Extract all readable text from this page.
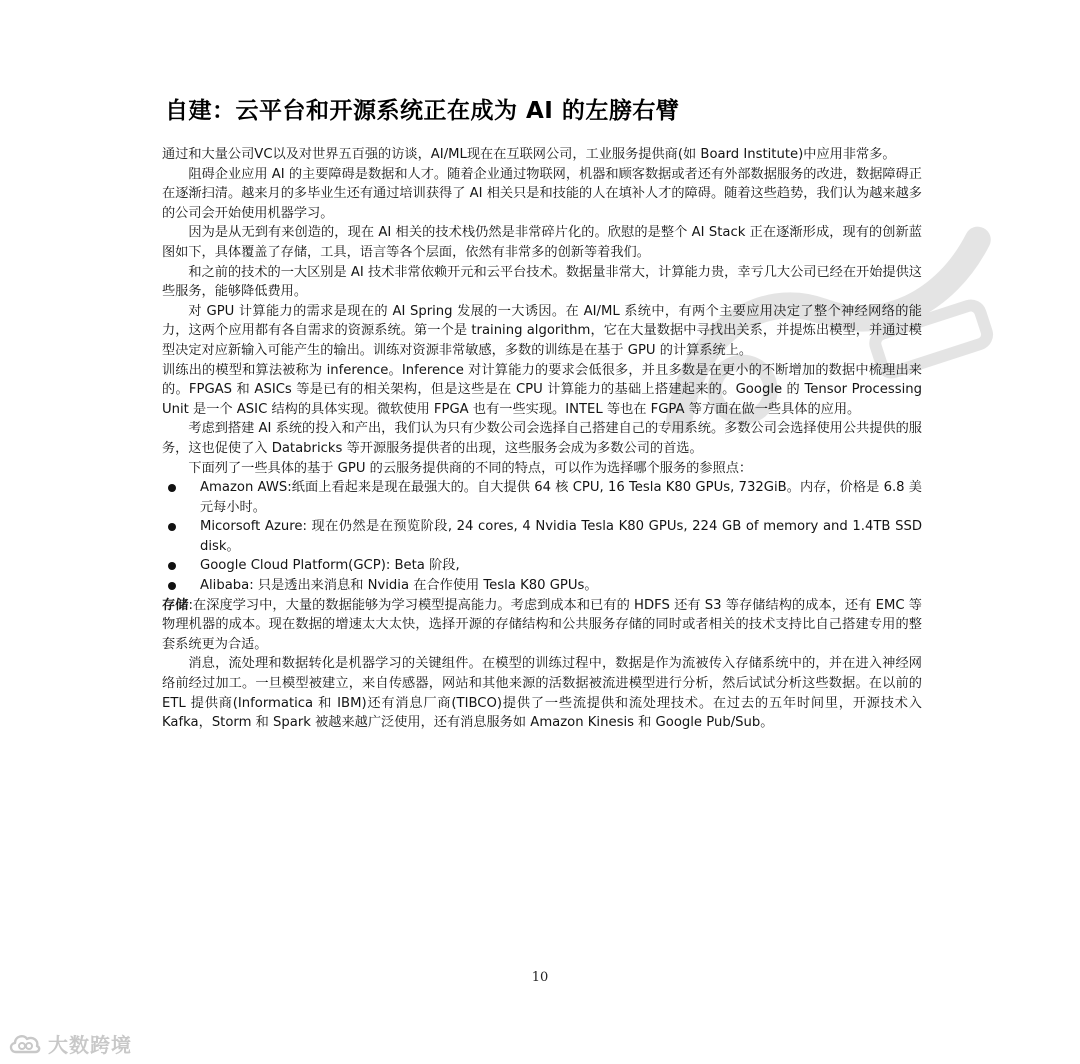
自建：云平台和开源系统正在成为 AI 的左膀右臂

通过和大量公司VC以及对世界五百强的访谈，AI/ML现在在互联网公司，工业服务提供商(如 Board Institute)中应用非常多。

阻碍企业应用 AI 的主要障碍是数据和人才。随着企业通过物联网，机器和顾客数据或者还有外部数据服务的改进，数据障碍正在逐渐扫清。越来月的多毕业生还有通过培训获得了 AI 相关只是和技能的人在填补人才的障碍。随着这些趋势，我们认为越来越多的公司会开始使用机器学习。

因为是从无到有来创造的，现在 AI 相关的技术栈仍然是非常碎片化的。欣慰的是整个 AI Stack 正在逐渐形成，现有的创新蓝图如下，具体覆盖了存储，工具，语言等各个层面，依然有非常多的创新等着我们。

和之前的技术的一大区别是 AI 技术非常依赖开元和云平台技术。数据量非常大，计算能力贵，幸亏几大公司已经在开始提供这些服务，能够降低费用。

对 GPU 计算能力的需求是现在的 AI Spring 发展的一大诱因。在 AI/ML 系统中，有两个主要应用决定了整个神经网络的能力，这两个应用都有各自需求的资源系统。第一个是 training algorithm，它在大量数据中寻找出关系，并提炼出模型，并通过模型决定对应新输入可能产生的输出。训练对资源非常敏感，多数的训练是在基于 GPU 的计算系统上。

训练出的模型和算法被称为 inference。Inference 对计算能力的要求会低很多，并且多数是在更小的不断增加的数据中梳理出来的。FPGAS 和 ASICs 等是已有的相关架构，但是这些是在 CPU 计算能力的基础上搭建起来的。Google 的 Tensor Processing Unit 是一个 ASIC 结构的具体实现。微软使用 FPGA 也有一些实现。INTEL 等也在 FGPA 等方面在做一些具体的应用。

考虑到搭建 AI 系统的投入和产出，我们认为只有少数公司会选择自己搭建自己的专用系统。多数公司会选择使用公共提供的服务，这也促使了入 Databricks 等开源服务提供者的出现，这些服务会成为多数公司的首选。

下面列了一些具体的基于 GPU 的云服务提供商的不同的特点，可以作为选择哪个服务的参照点：

Amazon AWS:纸面上看起来是现在最强大的。自大提供 64 核 CPU, 16 Tesla K80 GPUs, 732GiB。内存，价格是 6.8 美元每小时。
Micorsoft Azure: 现在仍然是在预览阶段, 24 cores, 4 Nvidia Tesla K80 GPUs, 224 GB of memory and 1.4TB SSD disk。
Google Cloud Platform(GCP): Beta 阶段,
Alibaba: 只是透出来消息和 Nvidia 在合作使用 Tesla K80 GPUs。

存储:在深度学习中，大量的数据能够为学习模型提高能力。考虑到成本和已有的 HDFS 还有 S3 等存储结构的成本，还有 EMC 等物理机器的成本。现在数据的增速太大太快，选择开源的存储结构和公共服务存储的同时或者相关的技术支持比自己搭建专用的整套系统更为合适。

消息，流处理和数据转化是机器学习的关键组件。在模型的训练过程中，数据是作为流被传入存储系统中的，并在进入神经网络前经过加工。一旦模型被建立，来自传感器，网站和其他来源的活数据被流进模型进行分析，然后试试分析这些数据。在以前的 ETL 提供商(Informatica 和 IBM)还有消息厂商(TIBCO)提供了一些流提供和流处理技术。在过去的五年时间里，开源技术入 Kafka，Storm 和 Spark 被越来越广泛使用，还有消息服务如 Amazon Kinesis 和 Google Pub/Sub。

10
大数跨境
